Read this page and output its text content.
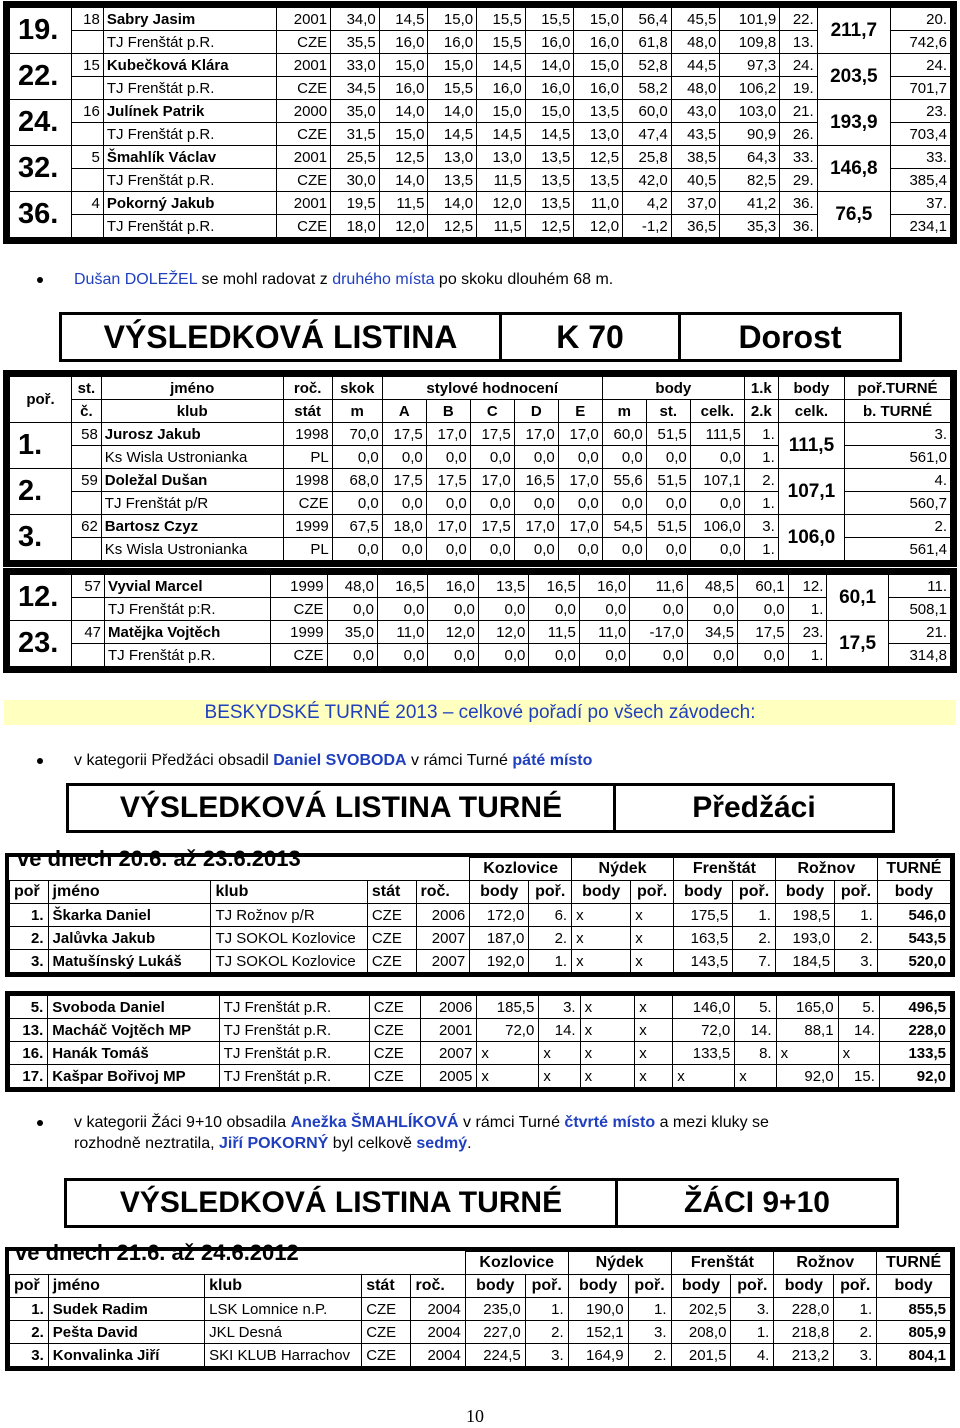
19.	18	Sabry Jasim	2001	34,0	14,5	15,0	15,5	15,5	15,0	56,4	45,5	101,9	22.	211,7	20.
		TJ Frenštát p.R.	CZE	35,5	16,0	16,0	15,5	16,0	16,0	61,8	48,0	109,8	13.		742,6
22.	15	Kubečková Klára	2001	33,0	15,0	15,0	14,5	14,0	15,0	52,8	44,5	97,3	24.	203,5	24.
		TJ Frenštát p.R.	CZE	34,5	16,0	15,5	16,0	16,0	16,0	58,2	48,0	106,2	19.		701,7
24.	16	Julínek Patrik	2000	35,0	14,0	14,0	15,0	15,0	13,5	60,0	43,0	103,0	21.	193,9	23.
		TJ Frenštát p.R.	CZE	31,5	15,0	14,5	14,5	14,5	13,0	47,4	43,5	90,9	26.		703,4
32.	5	Šmahlík Václav	2001	25,5	12,5	13,0	13,0	13,5	12,5	25,8	38,5	64,3	33.	146,8	33.
		TJ Frenštát p.R.	CZE	30,0	14,0	13,5	11,5	13,5	13,5	42,0	40,5	82,5	29.		385,4
36.	4	Pokorný Jakub	2001	19,5	11,5	14,0	12,0	13,5	11,0	4,2	37,0	41,2	36.	76,5	37.
		TJ Frenštát p.R.	CZE	18,0	12,0	12,5	11,5	12,5	12,0	-1,2	36,5	35,3	36.		234,1
Dušan DOLEŽEL se mohl radovat z druhého místa po skoku dlouhém 68 m.
VÝSLEDKOVÁ LISTINA	K 70	Dorost
poř.	st.	jméno	roč.	skok	stylové hodnocení					body			1.k	body	poř.TURNÉ
	č.	klub	stát	m	A	B	C	D	E	m	st.	celk.	2.k	celk.	b. TURNÉ
1.	58	Jurosz Jakub	1998	70,0	17,5	17,0	17,5	17,0	17,0	60,0	51,5	111,5	1.	111,5	3.
		Ks Wisla Ustronianka	PL	0,0	0,0	0,0	0,0	0,0	0,0	0,0	0,0	0,0	1.		561,0
2.	59	Doležal Dušan	1998	68,0	17,5	17,5	17,0	16,5	17,0	55,6	51,5	107,1	2.	107,1	4.
		TJ Frenštát p/R	CZE	0,0	0,0	0,0	0,0	0,0	0,0	0,0	0,0	0,0	1.		560,7
3.	62	Bartosz Czyz	1999	67,5	18,0	17,0	17,5	17,0	17,0	54,5	51,5	106,0	3.	106,0	2.
		Ks Wisla Ustronianka	PL	0,0	0,0	0,0	0,0	0,0	0,0	0,0	0,0	0,0	1.		561,4
12.	57	Vyvial Marcel	1999	48,0	16,5	16,0	13,5	16,5	16,0	11,6	48,5	60,1	12.	60,1	11.
		TJ Frenštát p:R.	CZE	0,0	0,0	0,0	0,0	0,0	0,0	0,0	0,0	0,0	1.		508,1
23.	47	Matějka Vojtěch	1999	35,0	11,0	12,0	12,0	11,5	11,0	-17,0	34,5	17,5	23.	17,5	21.
		TJ Frenštát p.R.	CZE	0,0	0,0	0,0	0,0	0,0	0,0	0,0	0,0	0,0	1.		314,8
BESKYDSKÉ TURNÉ 2013 – celkové pořadí po všech závodech:
v kategorii Předžáci obsadil Daniel SVOBODA v rámci Turné páté místo
VÝSLEDKOVÁ LISTINA TURNÉ	Předžáci
ve dnech 20.6. až 23.6.2013
					Kozlovice		Nýdek		Frenštát		Rožnov		TURNÉ
poř	jméno	klub	stát	roč.	body	poř.	body	poř.	body	poř.	body	poř.	body
1.	Škarka Daniel	TJ Rožnov p/R	CZE	2006	172,0	6.	x	x	175,5	1.	198,5	1.	546,0
2.	Jalůvka Jakub	TJ SOKOL Kozlovice	CZE	2007	187,0	2.	x	x	163,5	2.	193,0	2.	543,5
3.	Matušínský Lukáš	TJ SOKOL Kozlovice	CZE	2007	192,0	1.	x	x	143,5	7.	184,5	3.	520,0
5.	Svoboda Daniel	TJ Frenštát p.R.	CZE	2006	185,5	3.	x	x	146,0	5.	165,0	5.	496,5
13.	Macháč Vojtěch MP	TJ Frenštát p.R.	CZE	2001	72,0	14.	x	x	72,0	14.	88,1	14.	228,0
16.	Hanák Tomáš	TJ Frenštát p.R.	CZE	2007	x	x	x	x	133,5	8.	x	x	133,5
17.	Kašpar Bořivoj MP	TJ Frenštát p.R.	CZE	2005	x	x	x	x	x	x	92,0	15.	92,0
v kategorii Žáci 9+10 obsadila Anežka ŠMAHLÍKOVÁ v rámci Turné čtvrté místo a mezi kluky se
rozhodně neztratila, Jiří POKORNÝ byl celkově sedmý.
VÝSLEDKOVÁ LISTINA TURNÉ	ŽÁCI 9+10
ve dnech 21.6. až 24.6.2012
					Kozlovice		Nýdek		Frenštát		Rožnov		TURNÉ
poř	jméno	klub	stát	roč.	body	poř.	body	poř.	body	poř.	body	poř.	body
1.	Sudek Radim	LSK Lomnice n.P.	CZE	2004	235,0	1.	190,0	1.	202,5	3.	228,0	1.	855,5
2.	Pešta David	JKL Desná	CZE	2004	227,0	2.	152,1	3.	208,0	1.	218,8	2.	805,9
3.	Konvalinka Jiří	SKI KLUB Harrachov	CZE	2004	224,5	3.	164,9	2.	201,5	4.	213,2	3.	804,1
10
